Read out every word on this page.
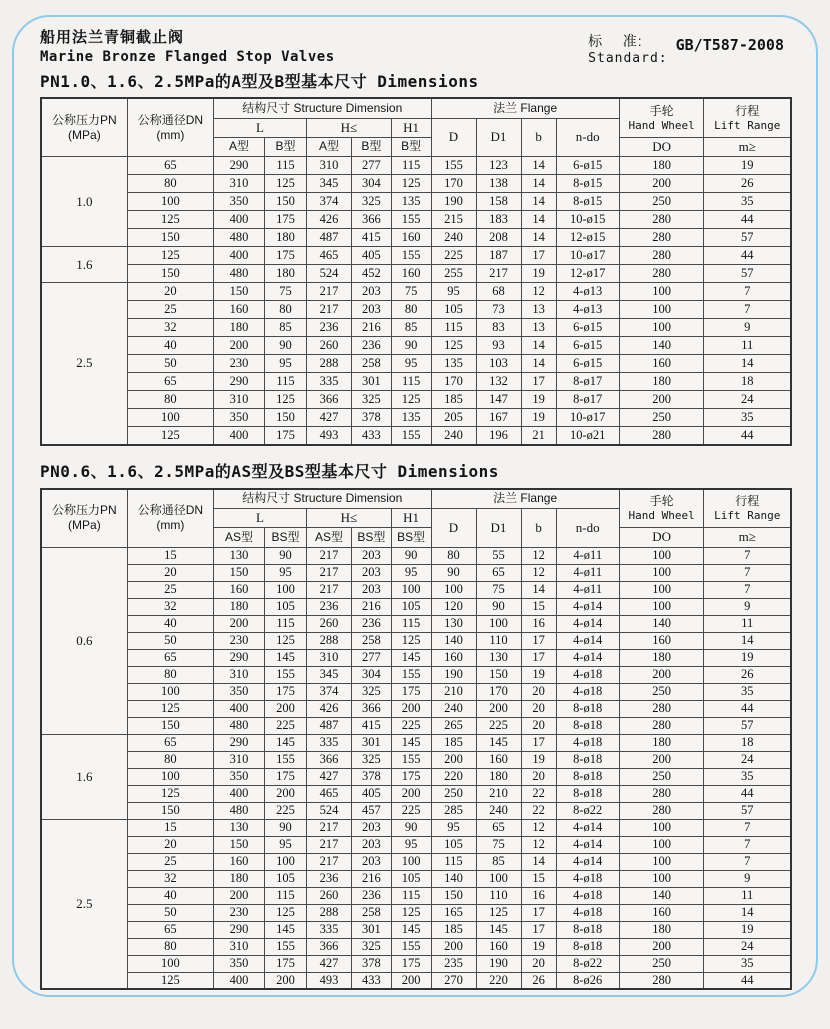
船用法兰青铜截止阀
Marine Bronze Flanged Stop Valves
标    准:
Standard:
GB/T587-2008
PN1.0、1.6、2.5MPa的A型及B型基本尺寸 Dimensions
公称压力PN
(MPa)	公称通径DN
(mm)	结构尺寸 Structure Dimension					法兰 Flange				手轮
Hand Wheel	行程
Lift Range

		L		H≤		H1	D	D1	b	n-do		
		A型	B型	A型	B型	B型					DO	m≥
1.0	65	290	115	310	277	115	155	123	14	6-ø15	180	19
	80	310	125	345	304	125	170	138	14	8-ø15	200	26
	100	350	150	374	325	135	190	158	14	8-ø15	250	35
	125	400	175	426	366	155	215	183	14	10-ø15	280	44
	150	480	180	487	415	160	240	208	14	12-ø15	280	57
1.6	125	400	175	465	405	155	225	187	17	10-ø17	280	44
	150	480	180	524	452	160	255	217	19	12-ø17	280	57
2.5	20	150	75	217	203	75	95	68	12	4-ø13	100	7
	25	160	80	217	203	80	105	73	13	4-ø13	100	7
	32	180	85	236	216	85	115	83	13	6-ø15	100	9
	40	200	90	260	236	90	125	93	14	6-ø15	140	11
	50	230	95	288	258	95	135	103	14	6-ø15	160	14
	65	290	115	335	301	115	170	132	17	8-ø17	180	18
	80	310	125	366	325	125	185	147	19	8-ø17	200	24
	100	350	150	427	378	135	205	167	19	10-ø17	250	35
	125	400	175	493	433	155	240	196	21	10-ø21	280	44
PN0.6、1.6、2.5MPa的AS型及BS型基本尺寸 Dimensions
公称压力PN
(MPa)	公称通径DN
(mm)	结构尺寸 Structure Dimension					法兰 Flange				手轮
Hand Wheel	行程
Lift Range

		L		H≤		H1	D	D1	b	n-do		
		AS型	BS型	AS型	BS型	BS型					DO	m≥
0.6	15	130	90	217	203	90	80	55	12	4-ø11	100	7
	20	150	95	217	203	95	90	65	12	4-ø11	100	7
	25	160	100	217	203	100	100	75	14	4-ø11	100	7
	32	180	105	236	216	105	120	90	15	4-ø14	100	9
	40	200	115	260	236	115	130	100	16	4-ø14	140	11
	50	230	125	288	258	125	140	110	17	4-ø14	160	14
	65	290	145	310	277	145	160	130	17	4-ø14	180	19
	80	310	155	345	304	155	190	150	19	4-ø18	200	26
	100	350	175	374	325	175	210	170	20	4-ø18	250	35
	125	400	200	426	366	200	240	200	20	8-ø18	280	44
	150	480	225	487	415	225	265	225	20	8-ø18	280	57
1.6	65	290	145	335	301	145	185	145	17	4-ø18	180	18
	80	310	155	366	325	155	200	160	19	8-ø18	200	24
	100	350	175	427	378	175	220	180	20	8-ø18	250	35
	125	400	200	465	405	200	250	210	22	8-ø18	280	44
	150	480	225	524	457	225	285	240	22	8-ø22	280	57
2.5	15	130	90	217	203	90	95	65	12	4-ø14	100	7
	20	150	95	217	203	95	105	75	12	4-ø14	100	7
	25	160	100	217	203	100	115	85	14	4-ø14	100	7
	32	180	105	236	216	105	140	100	15	4-ø18	100	9
	40	200	115	260	236	115	150	110	16	4-ø18	140	11
	50	230	125	288	258	125	165	125	17	4-ø18	160	14
	65	290	145	335	301	145	185	145	17	8-ø18	180	19
	80	310	155	366	325	155	200	160	19	8-ø18	200	24
	100	350	175	427	378	175	235	190	20	8-ø22	250	35
	125	400	200	493	433	200	270	220	26	8-ø26	280	44
